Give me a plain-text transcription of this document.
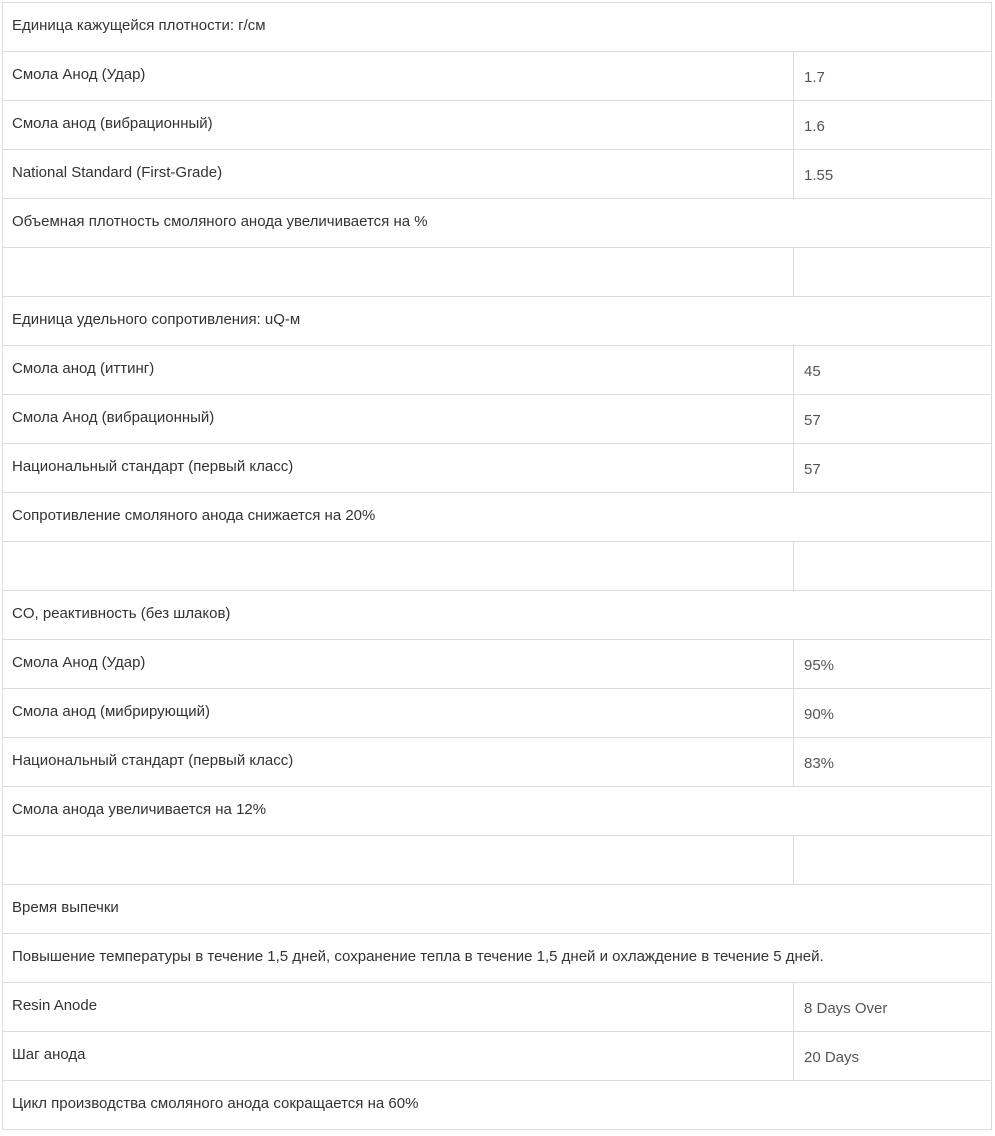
Единица кажущейся плотности: г/см
Смола Анод (Удар)	1.7
Смола анод (вибрационный)	1.6
National Standard (First-Grade)	1.55
Объемная плотность смоляного анода увеличивается на %
Единица удельного сопротивления: uQ-м
Смола анод (иттинг)	45
Смола Анод (вибрационный)	57
Национальный стандарт (первый класс)	57
Сопротивление смоляного анода снижается на 20%
CO, реактивность (без шлаков)
Смола Анод (Удар)	95%
Смола анод (мибрирующий)	90%
Национальный стандарт (первый класс)	83%
Смола анода увеличивается на 12%
Время выпечки
Повышение температуры в течение 1,5 дней, сохранение тепла в течение 1,5 дней и охлаждение в течение 5 дней.
Resin Anode	8 Days Over
Шаг анода	20 Days
Цикл производства смоляного анода сокращается на 60%
